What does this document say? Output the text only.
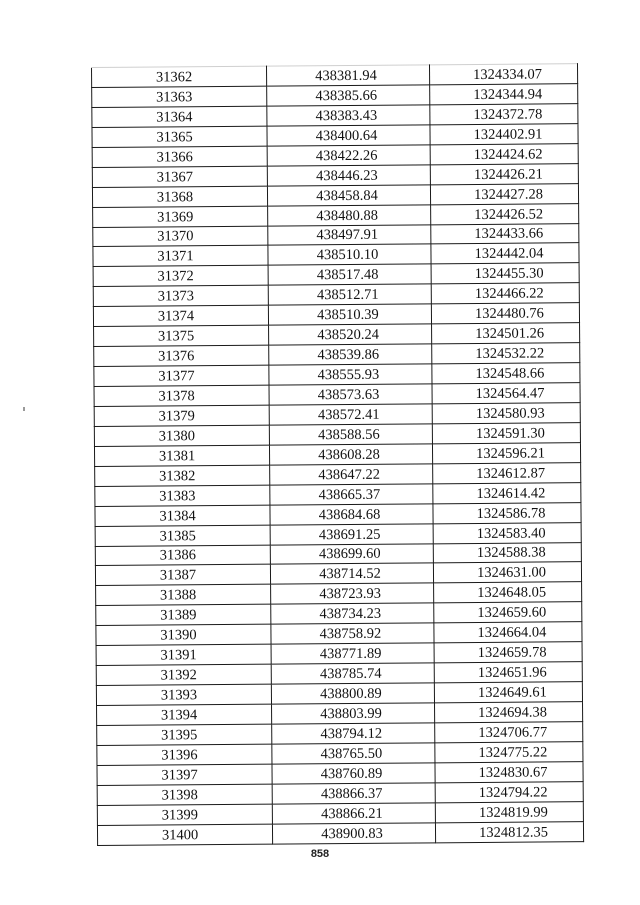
31362	438381.94	1324334.07
31363	438385.66	1324344.94
31364	438383.43	1324372.78
31365	438400.64	1324402.91
31366	438422.26	1324424.62
31367	438446.23	1324426.21
31368	438458.84	1324427.28
31369	438480.88	1324426.52
31370	438497.91	1324433.66
31371	438510.10	1324442.04
31372	438517.48	1324455.30
31373	438512.71	1324466.22
31374	438510.39	1324480.76
31375	438520.24	1324501.26
31376	438539.86	1324532.22
31377	438555.93	1324548.66
31378	438573.63	1324564.47
31379	438572.41	1324580.93
31380	438588.56	1324591.30
31381	438608.28	1324596.21
31382	438647.22	1324612.87
31383	438665.37	1324614.42
31384	438684.68	1324586.78
31385	438691.25	1324583.40
31386	438699.60	1324588.38
31387	438714.52	1324631.00
31388	438723.93	1324648.05
31389	438734.23	1324659.60
31390	438758.92	1324664.04
31391	438771.89	1324659.78
31392	438785.74	1324651.96
31393	438800.89	1324649.61
31394	438803.99	1324694.38
31395	438794.12	1324706.77
31396	438765.50	1324775.22
31397	438760.89	1324830.67
31398	438866.37	1324794.22
31399	438866.21	1324819.99
31400	438900.83	1324812.35
858
